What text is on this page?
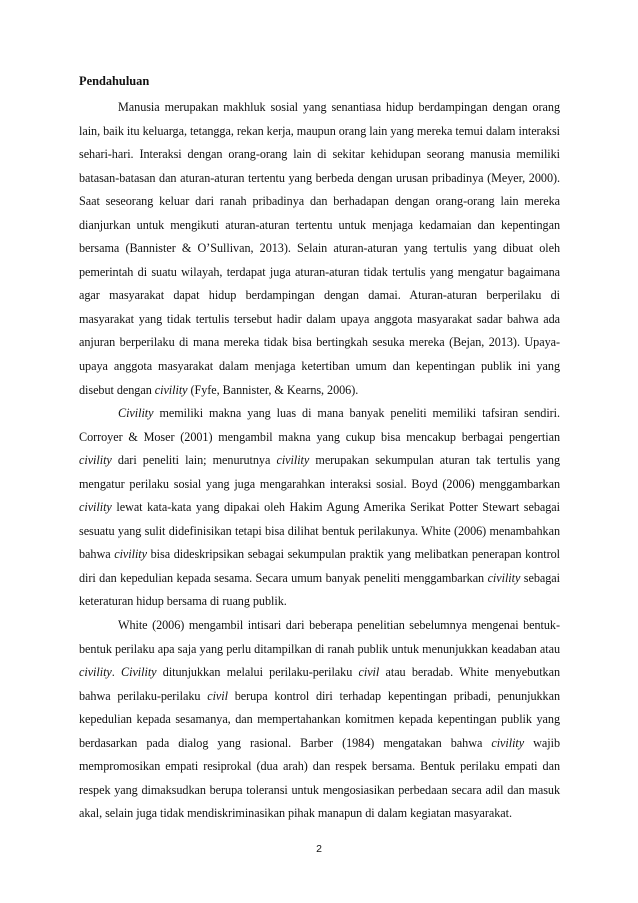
Pendahuluan

Manusia merupakan makhluk sosial yang senantiasa hidup berdampingan dengan orang lain, baik itu keluarga, tetangga, rekan kerja, maupun orang lain yang mereka temui dalam interaksi sehari-hari. Interaksi dengan orang-orang lain di sekitar kehidupan seorang manusia memiliki batasan-batasan dan aturan-aturan tertentu yang berbeda dengan urusan pribadinya (Meyer, 2000). Saat seseorang keluar dari ranah pribadinya dan berhadapan dengan orang-orang lain mereka dianjurkan untuk mengikuti aturan-aturan tertentu untuk menjaga kedamaian dan kepentingan bersama (Bannister & O’Sullivan, 2013). Selain aturan-aturan yang tertulis yang dibuat oleh pemerintah di suatu wilayah, terdapat juga aturan-aturan tidak tertulis yang mengatur bagaimana agar masyarakat dapat hidup berdampingan dengan damai. Aturan-aturan berperilaku di masyarakat yang tidak tertulis tersebut hadir dalam upaya anggota masyarakat sadar bahwa ada anjuran berperilaku di mana mereka tidak bisa bertingkah sesuka mereka (Bejan, 2013). Upaya-upaya anggota masyarakat dalam menjaga ketertiban umum dan kepentingan publik ini yang disebut dengan civility (Fyfe, Bannister, & Kearns, 2006).

Civility memiliki makna yang luas di mana banyak peneliti memiliki tafsiran sendiri. Corroyer & Moser (2001) mengambil makna yang cukup bisa mencakup berbagai pengertian civility dari peneliti lain; menurutnya civility merupakan sekumpulan aturan tak tertulis yang mengatur perilaku sosial yang juga mengarahkan interaksi sosial. Boyd (2006) menggambarkan civility lewat kata-kata yang dipakai oleh Hakim Agung Amerika Serikat Potter Stewart sebagai sesuatu yang sulit didefinisikan tetapi bisa dilihat bentuk perilakunya. White (2006) menambahkan bahwa civility bisa dideskripsikan sebagai sekumpulan praktik yang melibatkan penerapan kontrol diri dan kepedulian kepada sesama. Secara umum banyak peneliti menggambarkan civility sebagai keteraturan hidup bersama di ruang publik.

White (2006) mengambil intisari dari beberapa penelitian sebelumnya mengenai bentuk-bentuk perilaku apa saja yang perlu ditampilkan di ranah publik untuk menunjukkan keadaban atau civility. Civility ditunjukkan melalui perilaku-perilaku civil atau beradab. White menyebutkan bahwa perilaku-perilaku civil berupa kontrol diri terhadap kepentingan pribadi, penunjukkan kepedulian kepada sesamanya, dan mempertahankan komitmen kepada kepentingan publik yang berdasarkan pada dialog yang rasional. Barber (1984) mengatakan bahwa civility wajib mempromosikan empati resiprokal (dua arah) dan respek bersama. Bentuk perilaku empati dan respek yang dimaksudkan berupa toleransi untuk mengosiasikan perbedaan secara adil dan masuk akal, selain juga tidak mendiskriminasikan pihak manapun di dalam kegiatan masyarakat.

2
